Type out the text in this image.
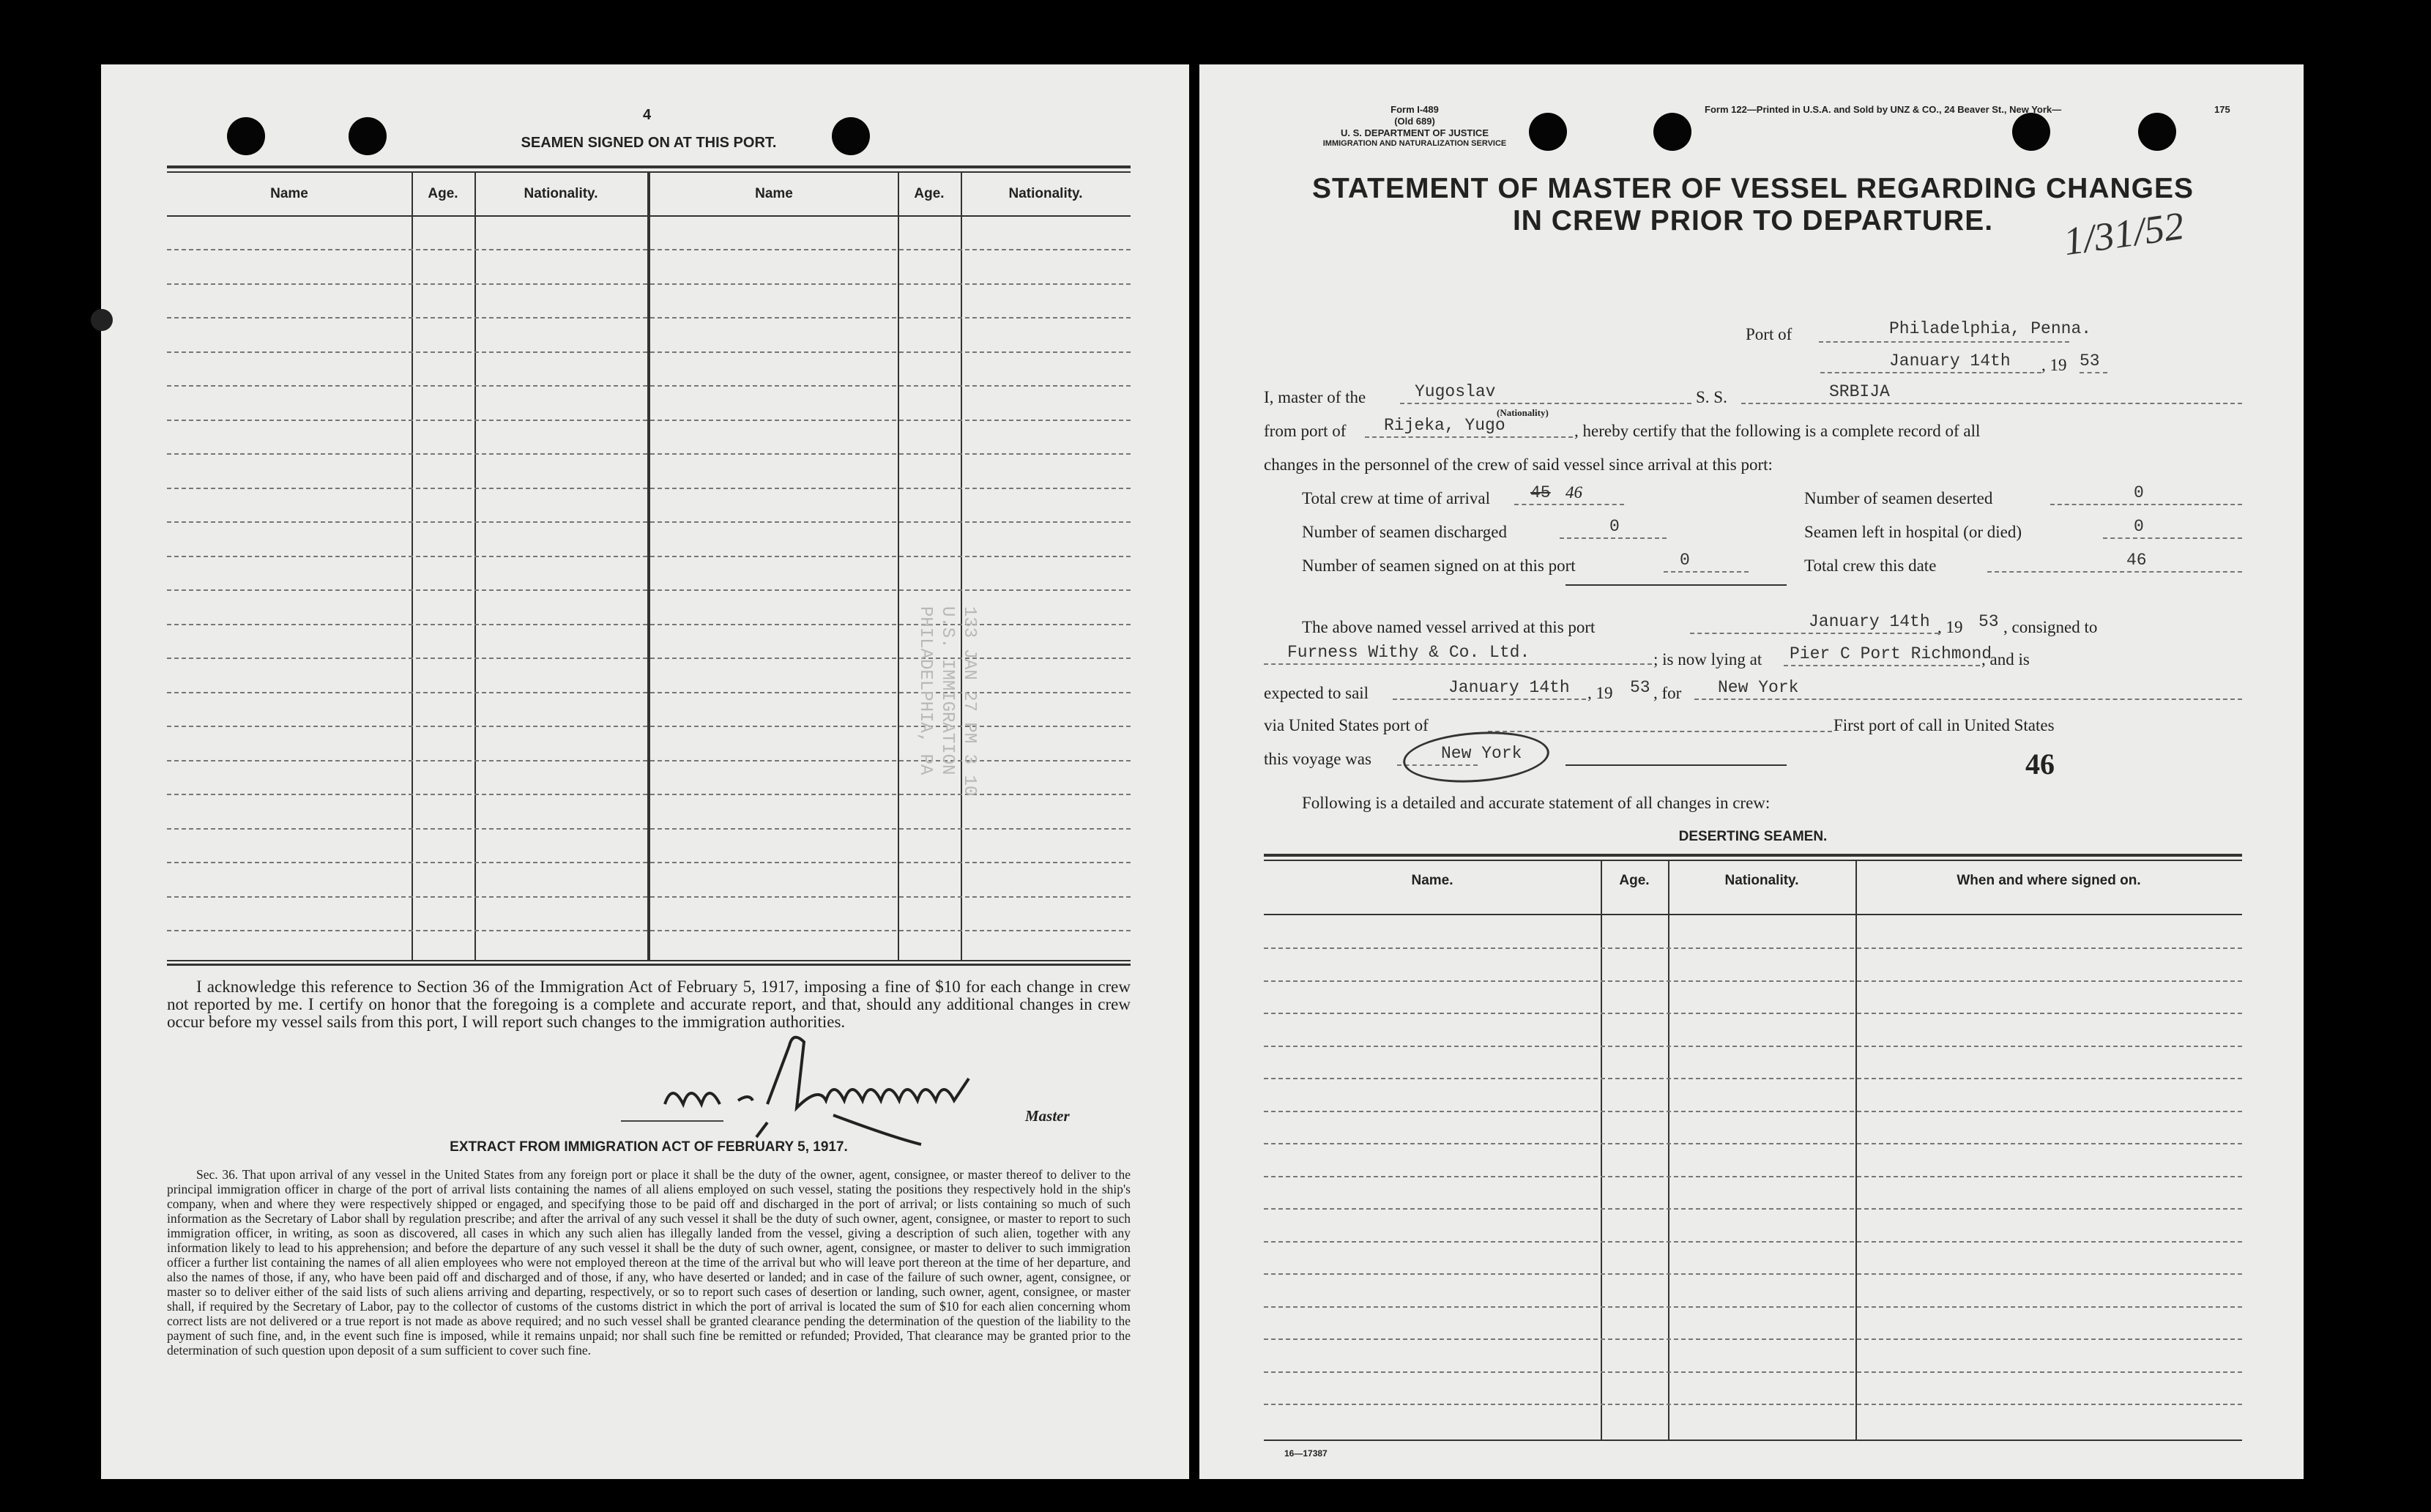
4
SEAMEN SIGNED ON AT THIS PORT.
Name	Age.	Nationality.	Name	Age.	Nationality.
133 JAN 27 PM 3 10
U.S. IMMIGRATION
PHILADELPHIA, PA
I acknowledge this reference to Section 36 of the Immigration Act of February 5, 1917, imposing a fine of $10 for each change in crew not reported by me. I certify on honor that the foregoing is a complete and accurate report, and that, should any additional changes in crew occur before my vessel sails from this port, I will report such changes to the immigration authorities.
Master
EXTRACT FROM IMMIGRATION ACT OF FEBRUARY 5, 1917.
Sec. 36. That upon arrival of any vessel in the United States from any foreign port or place it shall be the duty of the owner, agent, consignee, or master thereof to deliver to the principal immigration officer in charge of the port of arrival lists containing the names of all aliens employed on such vessel, stating the positions they respectively hold in the ship's company, when and where they were respectively shipped or engaged, and specifying those to be paid off and discharged in the port of arrival; or lists containing so much of such information as the Secretary of Labor shall by regulation prescribe; and after the arrival of any such vessel it shall be the duty of such owner, agent, consignee, or master to report to such immigration officer, in writing, as soon as discovered, all cases in which any such alien has illegally landed from the vessel, giving a description of such alien, together with any information likely to lead to his apprehension; and before the departure of any such vessel it shall be the duty of such owner, agent, consignee, or master to deliver to such immigration officer a further list containing the names of all alien employees who were not employed thereon at the time of the arrival but who will leave port thereon at the time of her departure, and also the names of those, if any, who have been paid off and discharged and of those, if any, who have deserted or landed; and in case of the failure of such owner, agent, consignee, or master so to deliver either of the said lists of such aliens arriving and departing, respectively, or so to report such cases of desertion or landing, such owner, agent, consignee, or master shall, if required by the Secretary of Labor, pay to the collector of customs of the customs district in which the port of arrival is located the sum of $10 for each alien concerning whom correct lists are not delivered or a true report is not made as above required; and no such vessel shall be granted clearance pending the determination of the question of the liability to the payment of such fine, and, in the event such fine is imposed, while it remains unpaid; nor shall such fine be remitted or refunded; Provided, That clearance may be granted prior to the determination of such question upon deposit of a sum sufficient to cover such fine.
Form I-489
(Old 689)
U. S. DEPARTMENT OF JUSTICE
IMMIGRATION AND NATURALIZATION SERVICE
Form 122—Printed in U.S.A. and Sold by UNZ & CO., 24 Beaver St., New York—	175
STATEMENT OF MASTER OF VESSEL REGARDING CHANGES
IN CREW PRIOR TO DEPARTURE.	1/31/52
Port of	Philadelphia, Penna.
January 14th , 19 53
I, master of the	Yugoslav
(Nationality)
S. S.	SRBIJA
from port of Rijeka, Yugo	, hereby certify that the following is a complete record of all
changes in the personnel of the crew of said vessel since arrival at this port:
Total crew at time of arrival 45 46	Number of seamen deserted	0
Number of seamen discharged	0	Seamen left in hospital (or died)	0
Number of seamen signed on at this port	0	Total crew this date	46
The above named vessel arrived at this port	January 14th , 19 53 , consigned to
Furness Withy & Co. Ltd.	; is now lying at Pier C Port Richmond
, and is
expected to sail	January 14th , 19 53 , for New York
via United States port of	First port of call in United States
this voyage was	New York	46
Following is a detailed and accurate statement of all changes in crew:
DESERTING SEAMEN.
Name.	Age.	Nationality.	When and where signed on.
16—17387
